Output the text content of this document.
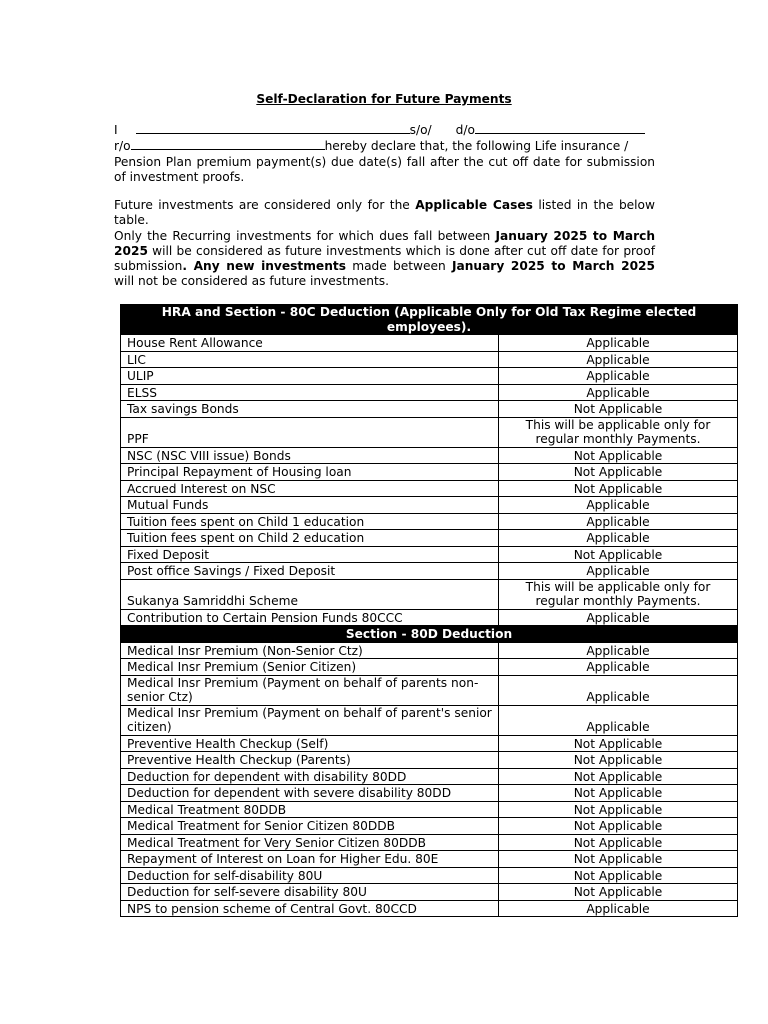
Self-Declaration for Future Payments
I	s/o/ d/o
r/o	hereby declare that, the following Life insurance /

Pension Plan premium payment(s) due date(s) fall after the cut off date for submission of investment proofs.

Future investments are considered only for the Applicable Cases listed in the below table.

Only the Recurring investments for which dues fall between January 2025 to March 2025 will be considered as future investments which is done after cut off date for proof submission. Any new investments made between January 2025 to March 2025 will not be considered as future investments.

HRA and Section - 80C Deduction (Applicable Only for Old Tax Regime elected employees).	
House Rent Allowance	Applicable
LIC	Applicable
ULIP	Applicable
ELSS	Applicable
Tax savings Bonds	Not Applicable
PPF	This will be applicable only for regular monthly Payments.
NSC (NSC VIII issue) Bonds	Not Applicable
Principal Repayment of Housing loan	Not Applicable
Accrued Interest on NSC	Not Applicable
Mutual Funds	Applicable
Tuition fees spent on Child 1 education	Applicable
Tuition fees spent on Child 2 education	Applicable
Fixed Deposit	Not Applicable
Post office Savings / Fixed Deposit	Applicable
Sukanya Samriddhi Scheme	This will be applicable only for regular monthly Payments.
Contribution to Certain Pension Funds 80CCC	Applicable
Section - 80D Deduction	
Medical Insr Premium (Non-Senior Ctz)	Applicable
Medical Insr Premium (Senior Citizen)	Applicable
Medical Insr Premium (Payment on behalf of parents non-senior Ctz)	Applicable
Medical Insr Premium (Payment on behalf of parent's senior citizen)	Applicable
Preventive Health Checkup (Self)	Not Applicable
Preventive Health Checkup (Parents)	Not Applicable
Deduction for dependent with disability 80DD	Not Applicable
Deduction for dependent with severe disability 80DD	Not Applicable
Medical Treatment 80DDB	Not Applicable
Medical Treatment for Senior Citizen 80DDB	Not Applicable
Medical Treatment for Very Senior Citizen 80DDB	Not Applicable
Repayment of Interest on Loan for Higher Edu. 80E	Not Applicable
Deduction for self-disability 80U	Not Applicable
Deduction for self-severe disability 80U	Not Applicable
NPS to pension scheme of Central Govt. 80CCD	Applicable
